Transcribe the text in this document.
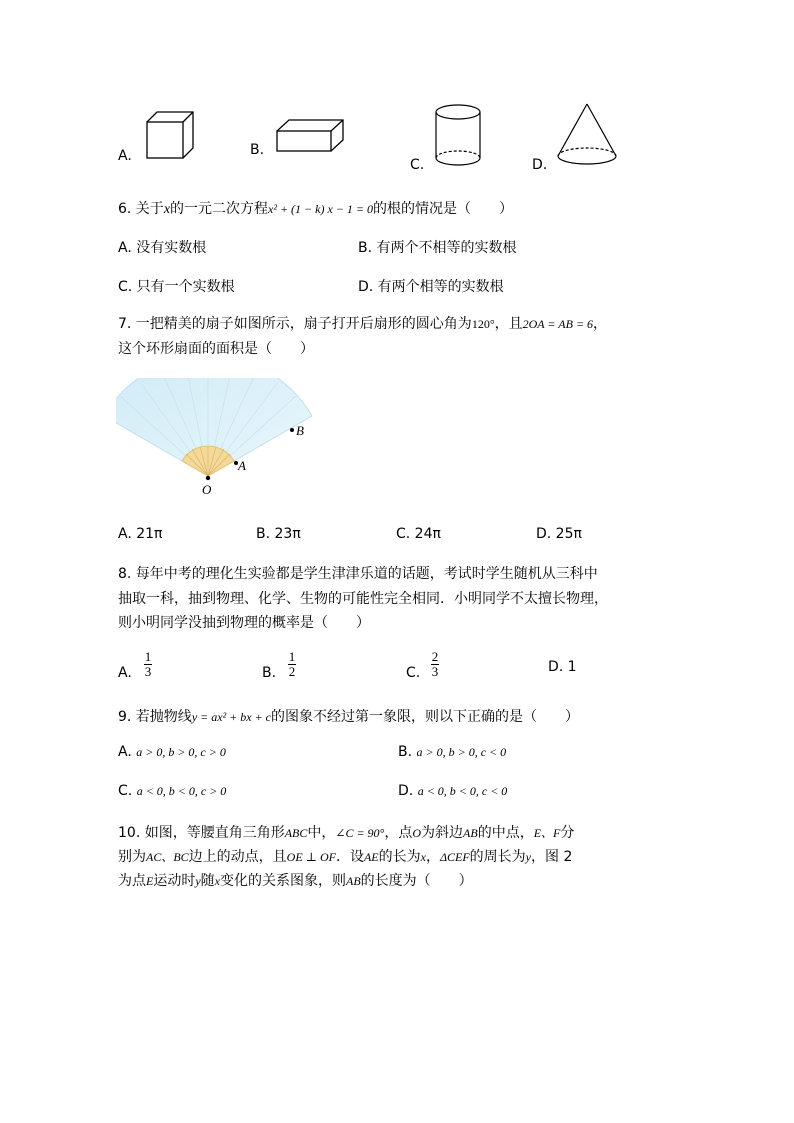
A.	B.
C.	D.
6. 关于x的一元二次方程x² + (1 − k) x − 1 = 0的根的情况是（　　）
A. 没有实数根	B. 有两个不相等的实数根
C. 只有一个实数根	D. 有两个相等的实数根
7. 一把精美的扇子如图所示，扇子打开后扇形的圆心角为120°，且2OA = AB = 6，
这个环形扇面的面积是（　　）
B
A
O
A. 21π	B. 23π	C. 24π	D. 25π
8. 每年中考的理化生实验都是学生津津乐道的话题，考试时学生随机从三科中
抽取一科，抽到物理、化学、生物的可能性完全相同．小明同学不太擅长物理，
则小明同学没抽到物理的概率是（　　）
A.
1
3	B.
1
2	C.
2
3	D. 1
9. 若抛物线y = ax² + bx + c的图象不经过第一象限，则以下正确的是（　　）
A. a > 0, b > 0, c > 0	B. a > 0, b > 0, c < 0
C. a < 0, b < 0, c > 0	D. a < 0, b < 0, c < 0
10. 如图，等腰直角三角形ABC中，∠C = 90°，点O为斜边AB的中点，E、F分
别为AC、BC边上的动点，且OE ⊥ OF．设AE的长为x，ΔCEF的周长为y，图 2
为点E运动时y随x变化的关系图象，则AB的长度为（　　）
